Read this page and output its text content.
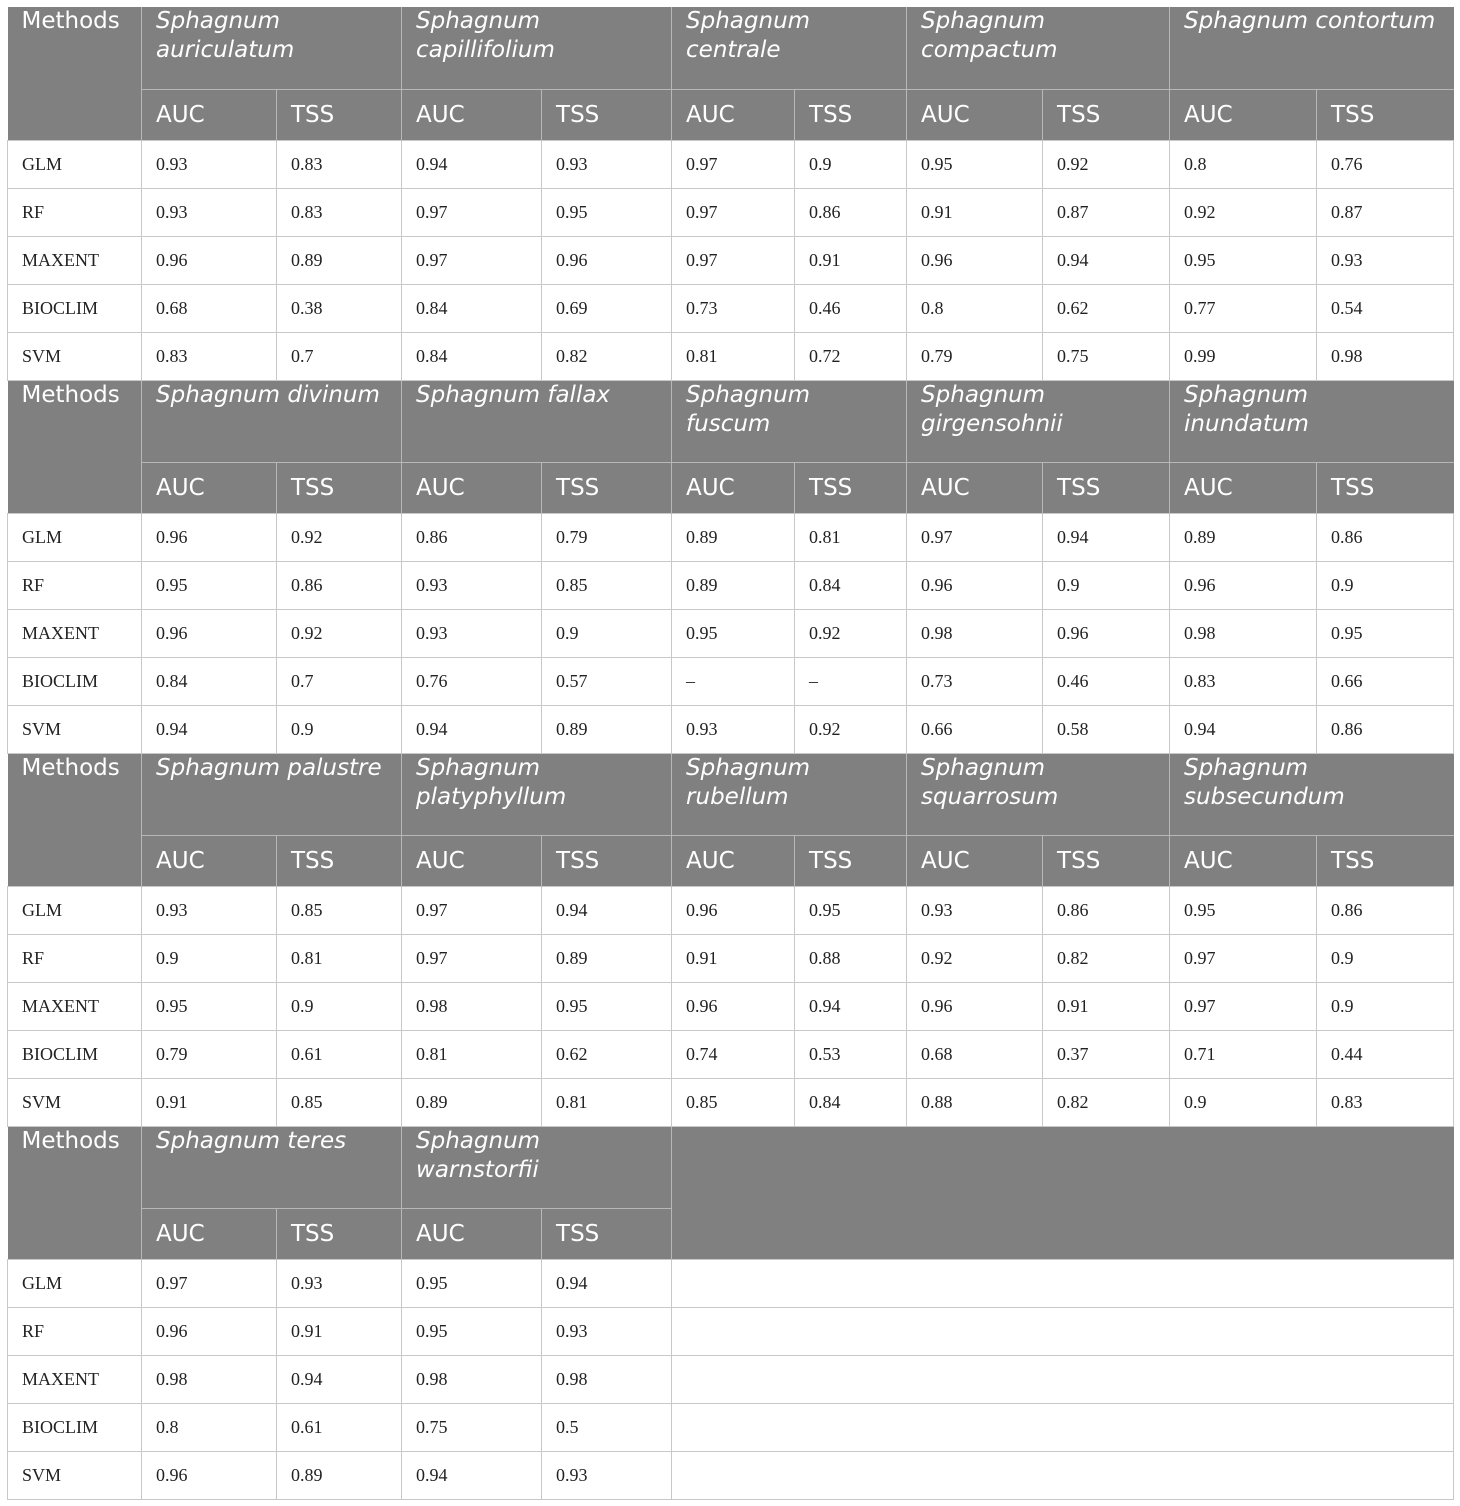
Methods	Sphagnum auriculatum		Sphagnum capillifolium		Sphagnum centrale		Sphagnum compactum		Sphagnum contortum	
	AUC	TSS	AUC	TSS	AUC	TSS	AUC	TSS	AUC	TSS
GLM	0.93	0.83	0.94	0.93	0.97	0.9	0.95	0.92	0.8	0.76
RF	0.93	0.83	0.97	0.95	0.97	0.86	0.91	0.87	0.92	0.87
MAXENT	0.96	0.89	0.97	0.96	0.97	0.91	0.96	0.94	0.95	0.93
BIOCLIM	0.68	0.38	0.84	0.69	0.73	0.46	0.8	0.62	0.77	0.54
SVM	0.83	0.7	0.84	0.82	0.81	0.72	0.79	0.75	0.99	0.98
Methods	Sphagnum divinum		Sphagnum fallax		Sphagnum fuscum		Sphagnum girgensohnii		Sphagnum inundatum	
	AUC	TSS	AUC	TSS	AUC	TSS	AUC	TSS	AUC	TSS
GLM	0.96	0.92	0.86	0.79	0.89	0.81	0.97	0.94	0.89	0.86
RF	0.95	0.86	0.93	0.85	0.89	0.84	0.96	0.9	0.96	0.9
MAXENT	0.96	0.92	0.93	0.9	0.95	0.92	0.98	0.96	0.98	0.95
BIOCLIM	0.84	0.7	0.76	0.57	–	–	0.73	0.46	0.83	0.66
SVM	0.94	0.9	0.94	0.89	0.93	0.92	0.66	0.58	0.94	0.86
Methods	Sphagnum palustre		Sphagnum platyphyllum		Sphagnum rubellum		Sphagnum squarrosum		Sphagnum subsecundum	
	AUC	TSS	AUC	TSS	AUC	TSS	AUC	TSS	AUC	TSS
GLM	0.93	0.85	0.97	0.94	0.96	0.95	0.93	0.86	0.95	0.86
RF	0.9	0.81	0.97	0.89	0.91	0.88	0.92	0.82	0.97	0.9
MAXENT	0.95	0.9	0.98	0.95	0.96	0.94	0.96	0.91	0.97	0.9
BIOCLIM	0.79	0.61	0.81	0.62	0.74	0.53	0.68	0.37	0.71	0.44
SVM	0.91	0.85	0.89	0.81	0.85	0.84	0.88	0.82	0.9	0.83
Methods	Sphagnum teres		Sphagnum warnstorfii							
	AUC	TSS	AUC	TSS						
GLM	0.97	0.93	0.95	0.94						
RF	0.96	0.91	0.95	0.93						
MAXENT	0.98	0.94	0.98	0.98						
BIOCLIM	0.8	0.61	0.75	0.5						
SVM	0.96	0.89	0.94	0.93						
